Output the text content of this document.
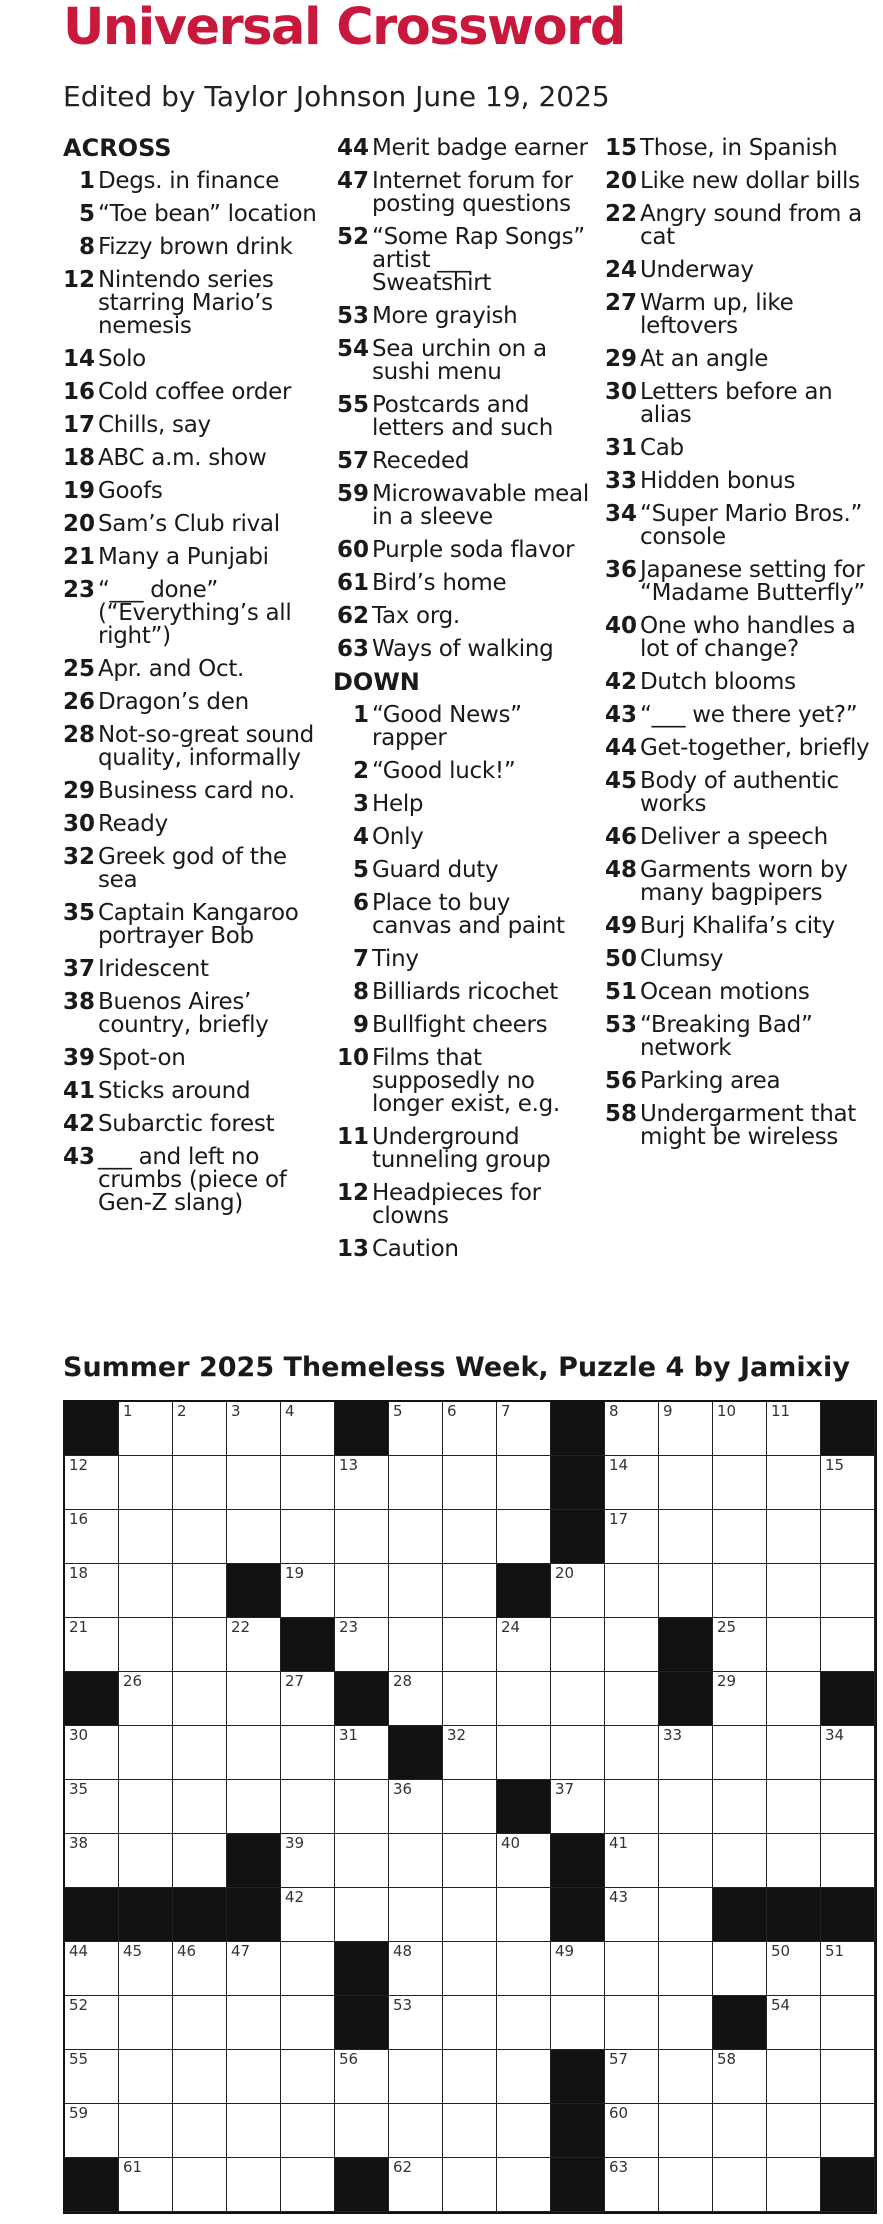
Universal Crossword
Edited by Taylor Johnson June 19, 2025
ACROSS
1 Degs. in finance
5 “Toe bean” location
8 Fizzy brown drink
12 Nintendo series starring Mario’s nemesis
14 Solo
16 Cold coffee order
17 Chills, say
18 ABC a.m. show
19 Goofs
20 Sam’s Club rival
21 Many a Punjabi
23 “___ done” (“Everything’s all right”)
25 Apr. and Oct.
26 Dragon’s den
28 Not-so-great sound quality, informally
29 Business card no.
30 Ready
32 Greek god of the sea
35 Captain Kangaroo portrayer Bob
37 Iridescent
38 Buenos Aires’ country, briefly
39 Spot-on
41 Sticks around
42 Subarctic forest
43 ___ and left no crumbs (piece of Gen-Z slang)
44 Merit badge earner
47 Internet forum for posting questions
52 “Some Rap Songs” artist ___ Sweatshirt
53 More grayish
54 Sea urchin on a sushi menu
55 Postcards and letters and such
57 Receded
59 Microwavable meal in a sleeve
60 Purple soda flavor
61 Bird’s home
62 Tax org.
63 Ways of walking
DOWN
1 “Good News” rapper
2 “Good luck!”
3 Help
4 Only
5 Guard duty
6 Place to buy canvas and paint
7 Tiny
8 Billiards ricochet
9 Bullfight cheers
10 Films that supposedly no longer exist, e.g.
11 Underground tunneling group
12 Headpieces for clowns
13 Caution
15 Those, in Spanish
20 Like new dollar bills
22 Angry sound from a cat
24 Underway
27 Warm up, like leftovers
29 At an angle
30 Letters before an alias
31 Cab
33 Hidden bonus
34 “Super Mario Bros.” console
36 Japanese setting for “Madame Butterfly”
40 One who handles a lot of change?
42 Dutch blooms
43 “___ we there yet?”
44 Get-together, briefly
45 Body of authentic works
46 Deliver a speech
48 Garments worn by many bagpipers
49 Burj Khalifa’s city
50 Clumsy
51 Ocean motions
53 “Breaking Bad” network
56 Parking area
58 Undergarment that might be wireless
Summer 2025 Themeless Week, Puzzle 4 by Jamixiy
1	2	3	4	5	6	7	8	9	10 11
12	13	14	15
16	17
18	19	20
21	22	23	24	25
26	27	28	29
30	31	32	33	34
35	36	37
38	39	40	41
42	43
44 45 46 47	48	49	50 51
52	53	54
55	56	57	58
59	60
61	62	63
